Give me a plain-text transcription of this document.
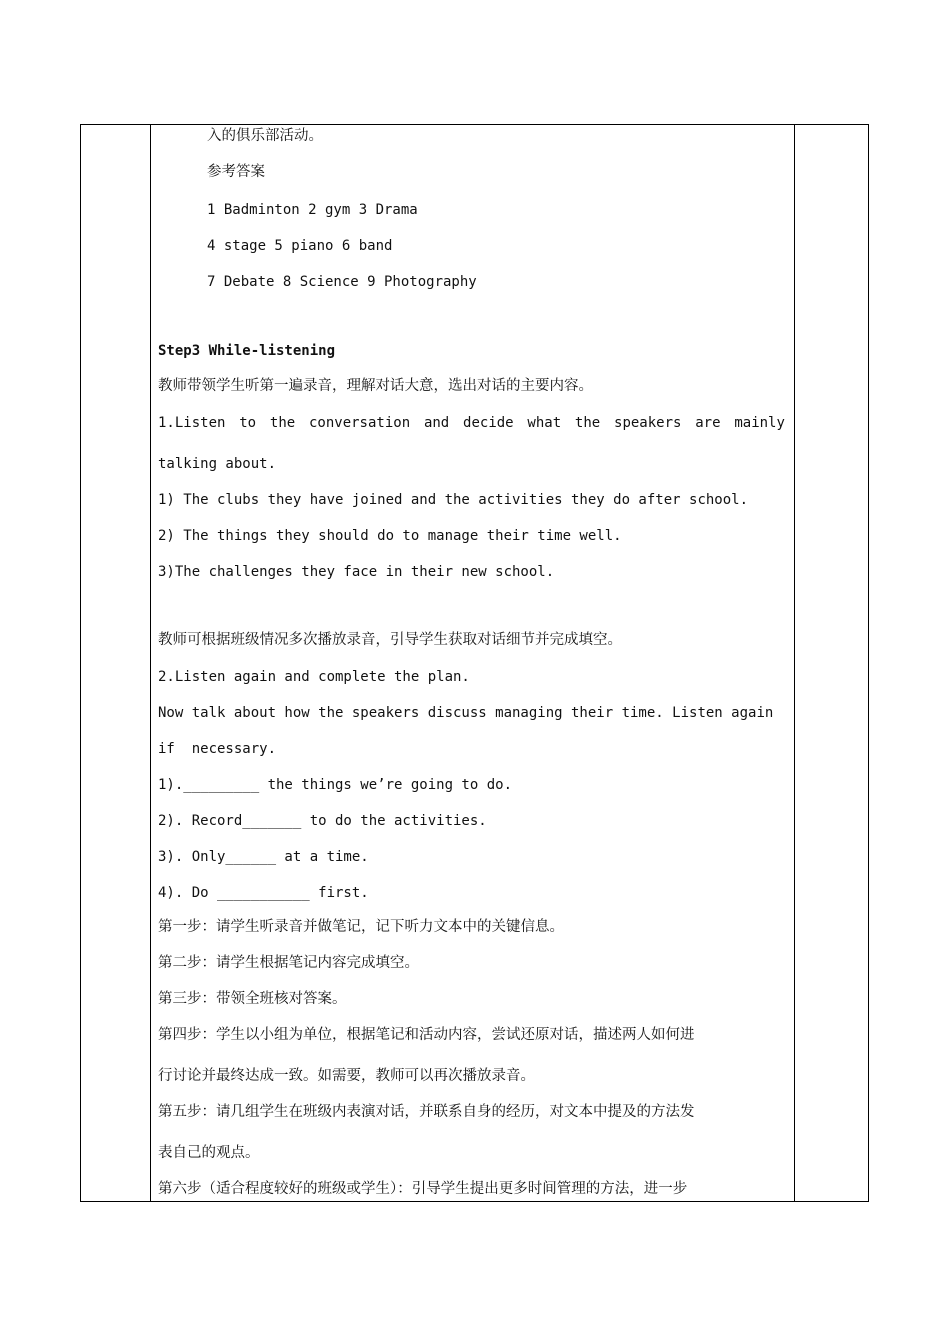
入的俱乐部活动。
参考答案
1 Badminton 2 gym 3 Drama
4 stage 5 piano 6 band
7 Debate 8 Science 9 Photography
Step3 While-listening
教师带领学生听第一遍录音，理解对话大意，选出对话的主要内容。
1.Listen to the conversation and decide what the speakers are mainly
talking about.
1) The clubs they have joined and the activities they do after school.
2) The things they should do to manage their time well.
3)The challenges they face in their new school.
教师可根据班级情况多次播放录音，引导学生获取对话细节并完成填空。
2.Listen again and complete the plan.
Now talk about how the speakers discuss managing their time. Listen again
if  necessary.
1)._________ the things we’re going to do.
2). Record_______ to do the activities.
3). Only______ at a time.
4). Do ___________ first.
第一步：请学生听录音并做笔记，记下听力文本中的关键信息。
第二步：请学生根据笔记内容完成填空。
第三步：带领全班核对答案。
第四步：学生以小组为单位，根据笔记和活动内容，尝试还原对话，描述两人如何进
行讨论并最终达成一致。如需要，教师可以再次播放录音。
第五步：请几组学生在班级内表演对话，并联系自身的经历，对文本中提及的方法发
表自己的观点。
第六步（适合程度较好的班级或学生）：引导学生提出更多时间管理的方法，进一步
